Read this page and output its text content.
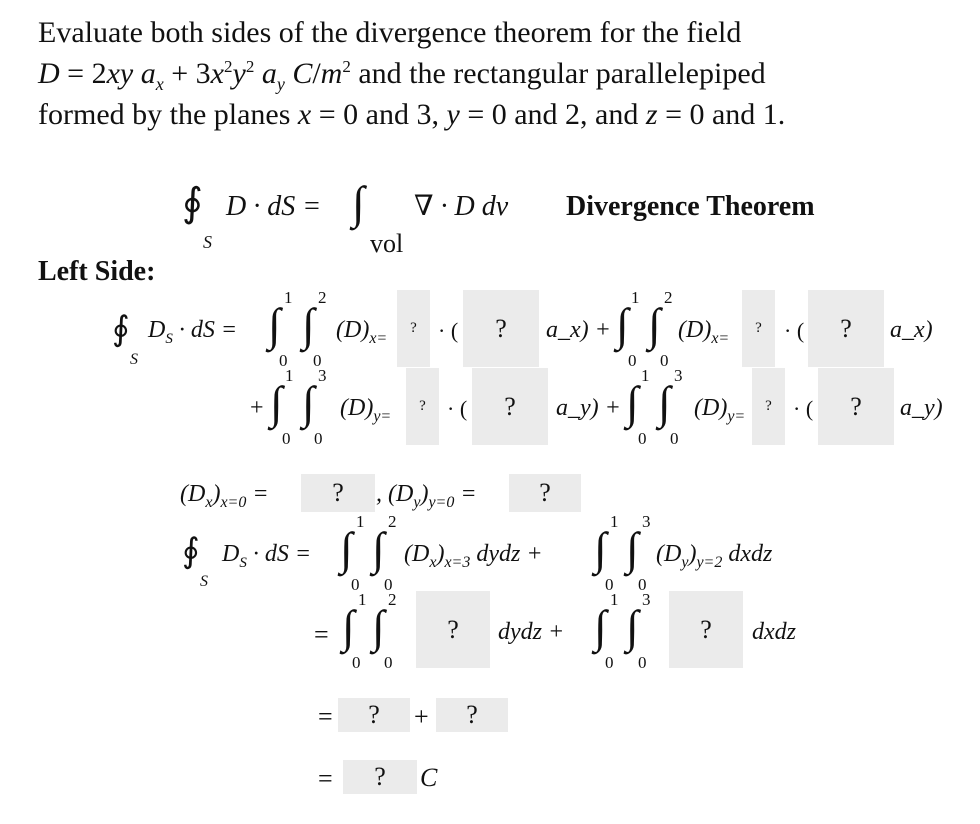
Evaluate both sides of the divergence theorem for the field
D = 2xy $a_x + 3x^2y^2$ $a_y$ $C/m^2$ and the rectangular parallelepiped
formed by the planes x = 0 and 3, y = 0 and 2, and z = 0 and 1.
∮
S
D · dS = ∫
vol
∇ · D dv Divergence Theorem
Left Side:
∮
S
$D_S$ · dS = ∫ ∫
1
0
2
0
$(D)_{x=}$
? · (	?	a_x) + ∫ ∫
1
0
2
0
$(D)_{x=}$
?	· (	?	a_x)
+ ∫ ∫
1
0
3
0
$(D)_{y=}$
? · (	?	a_y) + ∫ ∫
1
0
3
0
$(D)_{y=}$
? · (	?	a_y)
$(D_x)_{x=0}$ =	?	, $(D_y)_{y=0}$ =	?
∮
S
$D_S$ · dS = ∫ ∫
1
0
2
0
$(D_x)_{x=3}$ dydz + ∫ ∫
1
0
3
0
$(D_y)_{y=2}$ dxdz
= ∫ ∫
1
0
2
0
?	dydz + ∫ ∫
1
0
3
0
?	dxdz
=	?	+	?
=	?	C
